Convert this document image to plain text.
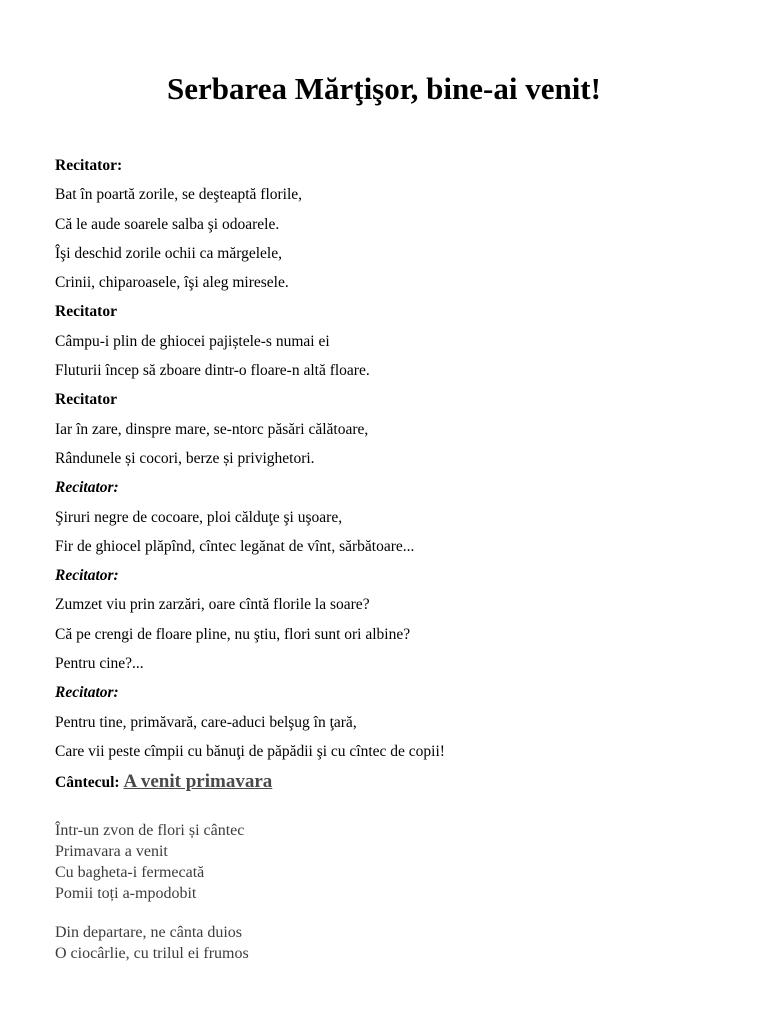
Serbarea Mărţişor, bine-ai venit!
Recitator:
Bat în poartă zorile, se deşteaptă florile,
Că le aude soarele salba şi odoarele.
Îşi deschid zorile ochii ca mărgelele,
Crinii, chiparoasele, îşi aleg miresele.
Recitator
Câmpu-i plin de ghiocei pajiștele-s numai ei
Fluturii încep să zboare dintr-o floare-n altă floare.
Recitator
Iar în zare, dinspre mare, se-ntorc păsări călătoare,
Rândunele și cocori, berze și privighetori.
Recitator:
Şiruri negre de cocoare, ploi călduţe şi uşoare,
Fir de ghiocel plăpînd, cîntec legănat de vînt, sărbătoare...
Recitator:
Zumzet viu prin zarzări, oare cîntă florile la soare?
Că pe crengi de floare pline, nu ştiu, flori sunt ori albine?
Pentru cine?...
Recitator:
Pentru tine, primăvară, care-aduci belşug în ţară,
Care vii peste cîmpii cu bănuţi de păpădii şi cu cîntec de copii!
Cântecul: A venit primavara
Într-un zvon de flori și cântec
Primavara a venit
Cu bagheta-i fermecată
Pomii toți a-mpodobit
Din departare, ne cânta duios
O ciocârlie, cu trilul ei frumos
